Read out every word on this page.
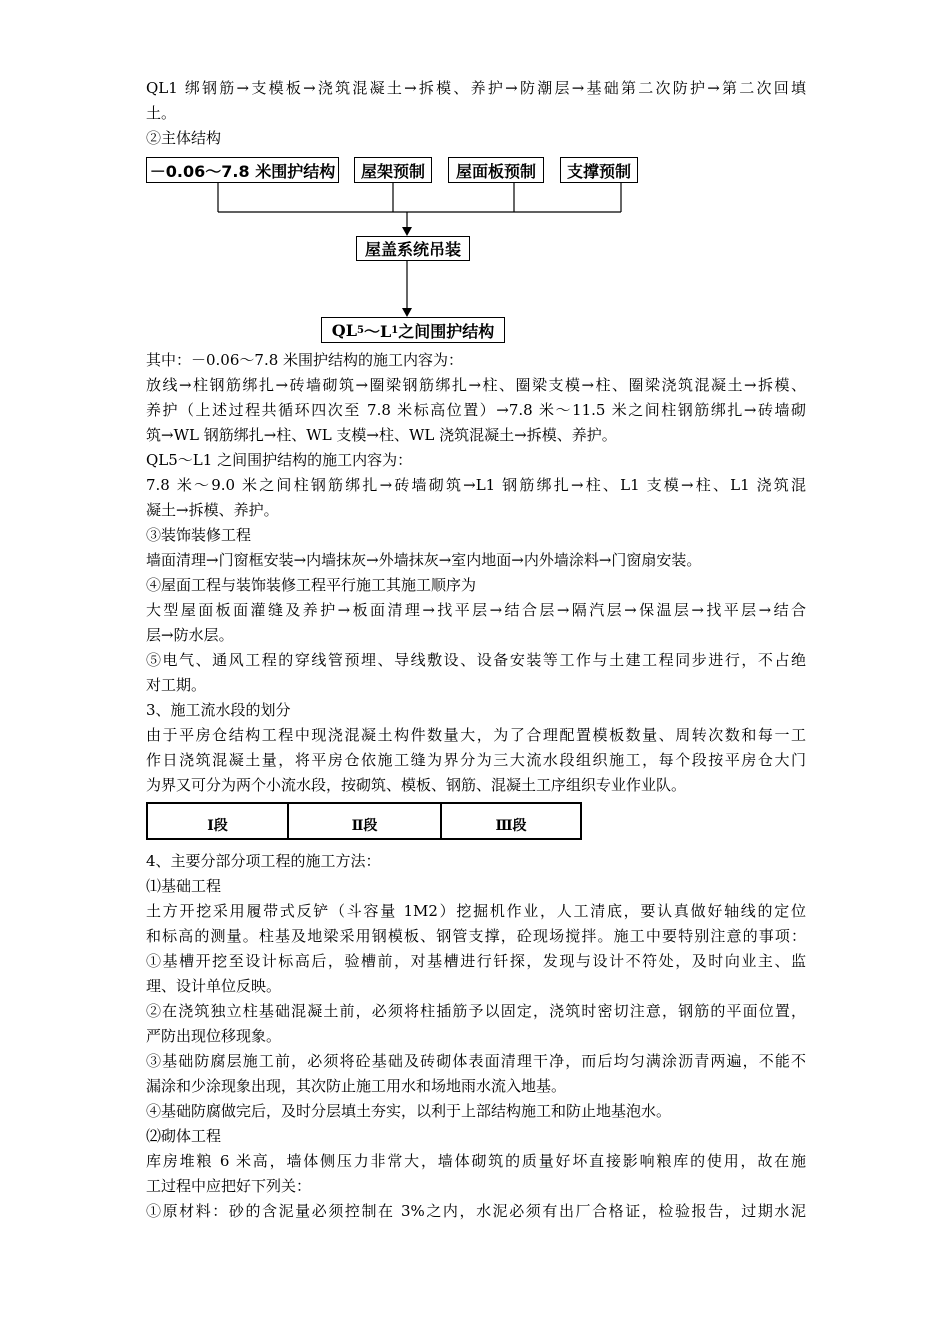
QL1 绑钢筋→支模板→浇筑混凝土→拆模、养护→防潮层→基础第二次防护→第二次回填
土。
②主体结构
－0.06～7.8 米围护结构	屋架预制	屋面板预制	支撑预制
屋盖系统吊装
QL 5 ～L 1 之间围护结构
其中：－0.06～7.8 米围护结构的施工内容为：
放线→柱钢筋绑扎→砖墙砌筑→圈梁钢筋绑扎→柱、圈梁支模→柱、圈梁浇筑混凝土→拆模、
养护（上述过程共循环四次至 7.8 米标高位置）→7.8 米～11.5 米之间柱钢筋绑扎→砖墙砌
筑→WL 钢筋绑扎→柱、WL 支模→柱、WL 浇筑混凝土→拆模、养护。
QL5～L1 之间围护结构的施工内容为：
7.8 米～9.0 米之间柱钢筋绑扎→砖墙砌筑→L1 钢筋绑扎→柱、L1 支模→柱、L1 浇筑混
凝土→拆模、养护。
③装饰装修工程
墙面清理→门窗框安装→内墙抹灰→外墙抹灰→室内地面→内外墙涂料→门窗扇安装。
④屋面工程与装饰装修工程平行施工其施工顺序为
大型屋面板面灌缝及养护→板面清理→找平层→结合层→隔汽层→保温层→找平层→结合
层→防水层。
⑤电气、通风工程的穿线管预埋、导线敷设、设备安装等工作与土建工程同步进行，不占绝
对工期。
3、施工流水段的划分
由于平房仓结构工程中现浇混凝土构件数量大，为了合理配置模板数量、周转次数和每一工
作日浇筑混凝土量，将平房仓依施工缝为界分为三大流水段组织施工，每个段按平房仓大门
为界又可分为两个小流水段，按砌筑、模板、钢筋、混凝土工序组织专业作业队。
Ⅰ段	Ⅱ段	Ⅲ段
4、主要分部分项工程的施工方法：
⑴基础工程
土方开挖采用履带式反铲（斗容量 1M2）挖掘机作业，人工清底，要认真做好轴线的定位
和标高的测量。柱基及地梁采用钢模板、钢管支撑，砼现场搅拌。施工中要特别注意的事项：
①基槽开挖至设计标高后，验槽前，对基槽进行钎探，发现与设计不符处，及时向业主、监
理、设计单位反映。
②在浇筑独立柱基础混凝土前，必须将柱插筋予以固定，浇筑时密切注意，钢筋的平面位置，
严防出现位移现象。
③基础防腐层施工前，必须将砼基础及砖砌体表面清理干净，而后均匀满涂沥青两遍，不能不
漏涂和少涂现象出现，其次防止施工用水和场地雨水流入地基。
④基础防腐做完后，及时分层填土夯实，以利于上部结构施工和防止地基泡水。
⑵砌体工程
库房堆粮 6 米高，墙体侧压力非常大，墙体砌筑的质量好坏直接影响粮库的使用，故在施
工过程中应把好下列关：
①原材料：砂的含泥量必须控制在 3%之内，水泥必须有出厂合格证，检验报告，过期水泥
